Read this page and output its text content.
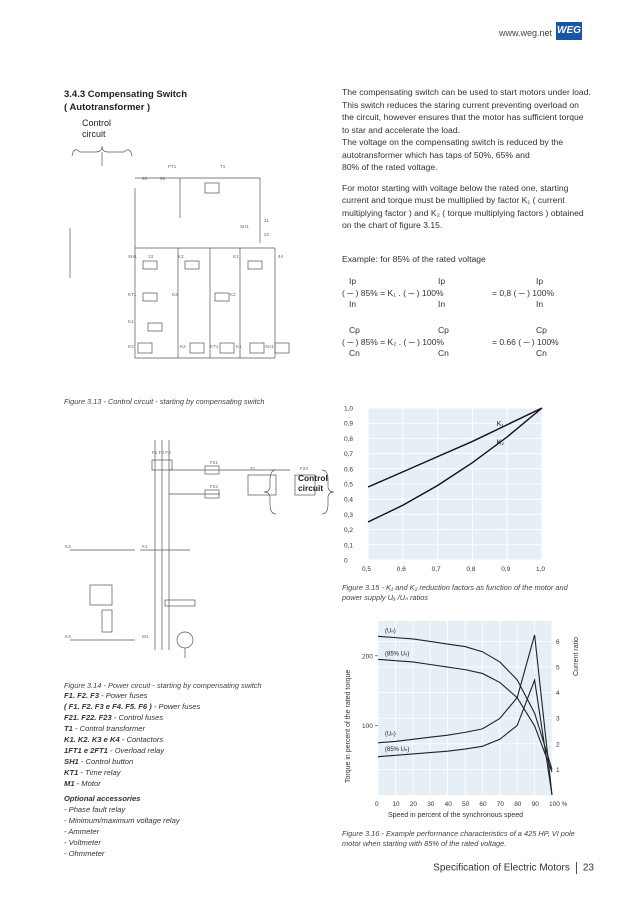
www.weg.net WEG
3.4.3 Compensating Switch
( Autotransformer )

The compensating switch can be used to start motors under load. This switch reduces the staring current preventing overload on the circuit, however ensures that the motor has sufficient torque to star and accelerate the load.

The voltage on the compensating switch is reduced by the autotransformer which has taps of 50%, 65% and

80% of the rated voltage.

For motor starting with voltage below the rated one, starting current and torque must be multiplied by factor K₁ ( current multiplying factor ) and K₂ ( torque multiplying factors ) obtained on the chart of figure 3.15.

Example: for 85% of the rated voltage
Ip
In
( ─ ) 85% = K₁ . ( ─ ) 100%
Ip
In
= 0,8 ( ─ ) 100%
Ip
In
Cp
Cn
( ─ ) 85% = K₂ . ( ─ ) 100%
Cp
Cn
= 0.66 ( ─ ) 100%
Cp
Cn
FT1	T1
95	96
SH1
21
22
SH1 13	K2	K1	44
KT1	K3	K2
K1
K3	K2	KT1	K1	SH1
Control
circuit
Figure 3.13 - Control circuit - starting by compensating switch
F1 F2 F3
F21
F22
T1	F23
K2	K1
K3	M1
Control
circuit
Figure 3.14 - Power circuit - starting by compensating switch
F1. F2. F3 - Power fuses
( F1. F2. F3 e F4. F5. F6 ) - Power fuses
F21. F22. F23 - Control fuses
T1 - Control transformer
K1. K2. K3 e K4 - Contactors
1FT1 e 2FT1 - Overload relay
SH1 - Control button
KT1 - Time relay
M1 - Motor
Optional accessories
- Phase fault relay
- Minimum/maximum voltage relay
- Ammeter
- Voltmeter
- Ohmmeter
0
0,1
0,2
0,3
0,4
0,5
0,6
0,7
0,8
0,9
1,0
0,5	0,6	0,7	0,8	0,9	1,0
K₁
K₂
Figure 3.15 - K₁ and K₂ reduction factors as function of the motor and
power supply Uₐ /Uₙ ratios
0 10 20 30 40 50 60 70 80 90 100 %
100
200
1
2
3
4
5
6
(Uₙ)
(85% Uₙ)
(Uₙ)
(85% Uₙ)
Speed in percent of the synchronous speed
Torque in percent of the rated torque
Current ratio
Figure 3.16 - Example performance characteristics of a 425 HP, VI pole
motor when starting with 85% of the rated voltage.
Specification of Electric Motors 23
